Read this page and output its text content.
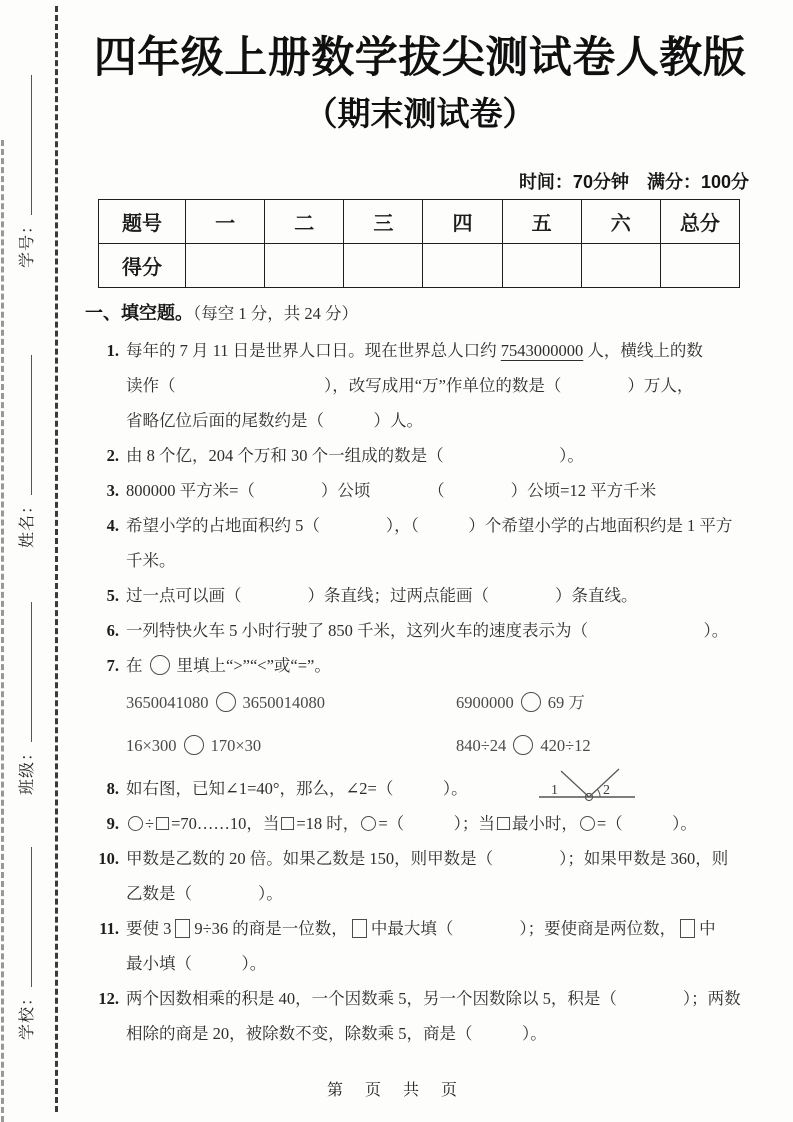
学号：
姓名：
班级：
学校：
四年级上册数学拔尖测试卷人教版
（期末测试卷）
时间：70分钟　满分：100分
题号	一	二	三	四	五	六	总分
得分							
一、填空题。（每空 1 分，共 24 分）
1. 每年的 7 月 11 日是世界人口日。现在世界总人口约 7543000000 人，横线上的数
读作（　　　　　　　　　），改写成用“万”作单位的数是（　　　　）万人，
省略亿位后面的尾数约是（　　　）人。
2. 由 8 个亿，204 个万和 30 个一组成的数是（　　　　　　　）。
3. 800000 平方米=（　　　　）公顷　　　　（　　　　）公顷=12 平方千米
4. 希望小学的占地面积约 5（　　　　），（　　　）个希望小学的占地面积约是 1 平方
千米。
5. 过一点可以画（　　　　）条直线；过两点能画（　　　　）条直线。
6. 一列特快火车 5 小时行驶了 850 千米，这列火车的速度表示为（　　　　　　　）。
7. 在 里填上“>”“<”或“=”。
3650041080 3650014080	6900000 69 万
16×300 170×30	840÷24 420÷12
8. 如右图，已知∠1=40°，那么，∠2=（　　　）。	1	2
9.	÷ =70……10，当 =18 时， =（　　　）；当 最小时， =（　　　）。
10. 甲数是乙数的 20 倍。如果乙数是 150，则甲数是（　　　　）；如果甲数是 360，则
乙数是（　　　　）。
11. 要使 3 9÷36 的商是一位数， 中最大填（　　　　）；要使商是两位数， 中
最小填（　　　）。
12. 两个因数相乘的积是 40，一个因数乘 5，另一个因数除以 5，积是（　　　　）；两数
相除的商是 20，被除数不变，除数乘 5，商是（　　　）。
第 页 共 页
